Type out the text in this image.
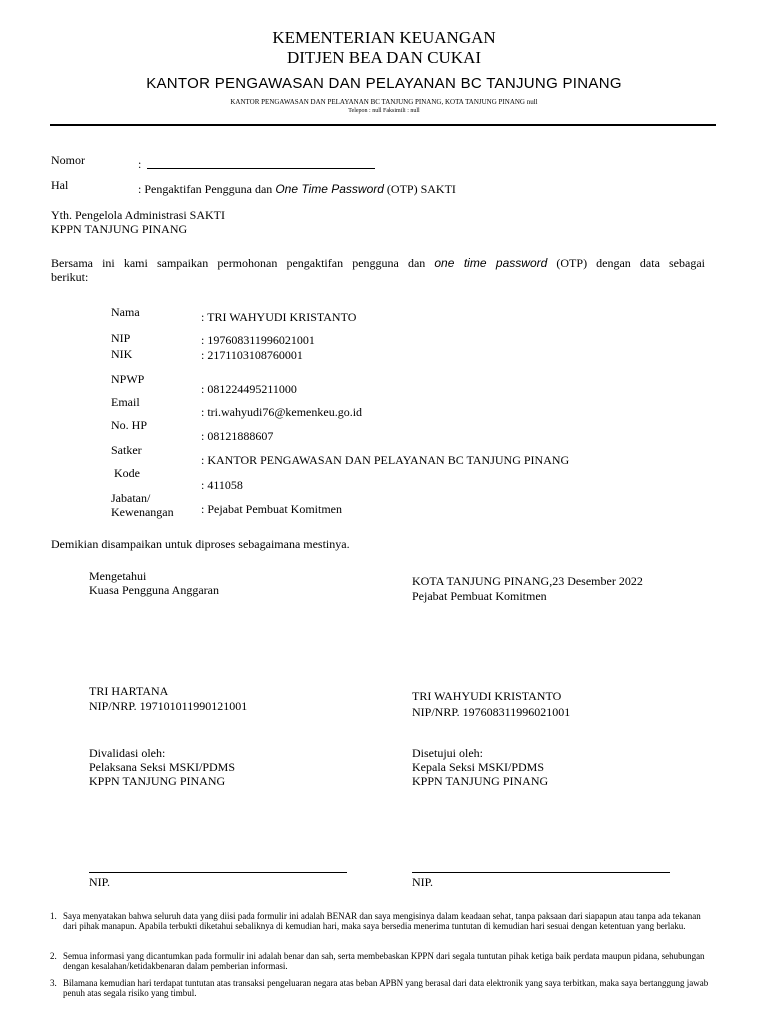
KEMENTERIAN KEUANGAN
DITJEN BEA DAN CUKAI
KANTOR PENGAWASAN DAN PELAYANAN BC TANJUNG PINANG
KANTOR PENGAWASAN DAN PELAYANAN BC TANJUNG PINANG, KOTA TANJUNG PINANG null
Telepon : null Faksimili : null
Nomor	:
Hal	: Pengaktifan Pengguna dan One Time Password (OTP) SAKTI
Yth. Pengelola Administrasi SAKTI
KPPN TANJUNG PINANG
Bersama ini kami sampaikan permohonan pengaktifan pengguna dan one time password (OTP) dengan data sebagai
berikut:
Nama	: TRI WAHYUDI KRISTANTO
NIP	: 197608311996021001
NIK	: 2171103108760001
NPWP
: 081224495211000
Email
: tri.wahyudi76@kemenkeu.go.id
No. HP
: 08121888607
Satker
: KANTOR PENGAWASAN DAN PELAYANAN BC TANJUNG PINANG
Kode
: 411058
Jabatan/
Kewenangan : Pejabat Pembuat Komitmen
Demikian disampaikan untuk diproses sebagaimana mestinya.
Mengetahui
Kuasa Pengguna Anggaran
KOTA TANJUNG PINANG,23 Desember 2022
Pejabat Pembuat Komitmen
TRI HARTANA
NIP/NRP. 197101011990121001
TRI WAHYUDI KRISTANTO
NIP/NRP. 197608311996021001
Divalidasi oleh:
Pelaksana Seksi MSKI/PDMS
KPPN TANJUNG PINANG
Disetujui oleh:
Kepala Seksi MSKI/PDMS
KPPN TANJUNG PINANG
NIP.	NIP.
1. Saya menyatakan bahwa seluruh data yang diisi pada formulir ini adalah BENAR dan saya mengisinya dalam keadaan sehat, tanpa paksaan dari siapapun atau tanpa ada tekanan dari pihak manapun. Apabila terbukti diketahui sebaliknya di kemudian hari, maka saya bersedia menerima tuntutan di kemudian hari sesuai dengan ketentuan yang berlaku.
2. Semua informasi yang dicantumkan pada formulir ini adalah benar dan sah, serta membebaskan KPPN dari segala tuntutan pihak ketiga baik perdata maupun pidana, sehubungan dengan kesalahan/ketidakbenaran dalam pemberian informasi.
3. Bilamana kemudian hari terdapat tuntutan atas transaksi pengeluaran negara atas beban APBN yang berasal dari data elektronik yang saya terbitkan, maka saya bertanggung jawab penuh atas segala risiko yang timbul.
